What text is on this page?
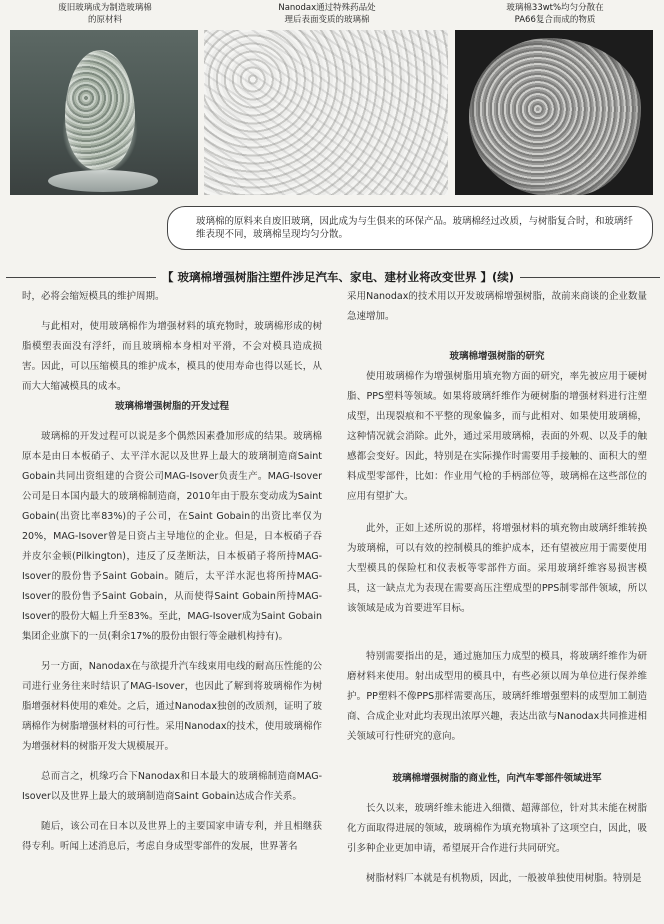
废旧玻璃成为制造玻璃棉
的原材料
Nanodax通过特殊药品处
理后表面变质的玻璃棉
玻璃棉33wt%均匀分散在
PA66复合而成的物质
玻璃棉的原料来自废旧玻璃，因此成为与生俱来的环保产品。玻璃棉经过改质，与树脂复合时，和玻璃纤维表现不同，玻璃棉呈现均匀分散。
【 玻璃棉增强树脂注塑件涉足汽车、家电、建材业将改变世界 】(续)

时，必将会缩短模具的维护周期。

与此相对，使用玻璃棉作为增强材料的填充物时，玻璃棉形成的树脂模塑表面没有浮纤，而且玻璃棉本身相对平滑，不会对模具造成损害。因此，可以压缩模具的维护成本，模具的使用寿命也得以延长，从而大大缩减模具的成本。

玻璃棉增强树脂的开发过程

玻璃棉的开发过程可以说是多个偶然因素叠加形成的结果。玻璃棉原本是由日本板硝子、太平洋水泥以及世界上最大的玻璃制造商Saint Gobain共同出资组建的合资公司MAG-Isover负责生产。MAG-Isover公司是日本国内最大的玻璃棉制造商，2010年由于股东变动成为Saint Gobain(出资比率83%)的子公司，在Saint Gobain的出资比率仅为20%，MAG-Isover曾是日资占主导地位的企业。但是，日本板硝子吞并皮尔金顿(Pilkington)，违反了反垄断法，日本板硝子将所持MAG-Isover的股份售予Saint Gobain。随后，太平洋水泥也将所持MAG-Isover的股份售予Saint Gobain，从而使得Saint Gobain所持MAG-Isover的股份大幅上升至83%。至此，MAG-Isover成为Saint Gobain集团企业旗下的一员(剩余17%的股份由银行等金融机构持有)。

另一方面，Nanodax在与欲提升汽车线束用电线的耐高压性能的公司进行业务往来时结识了MAG-Isover，也因此了解到将玻璃棉作为树脂增强材料使用的难处。之后，通过Nanodax独创的改质剂，证明了玻璃棉作为树脂增强材料的可行性。采用Nanodax的技术，使用玻璃棉作为增强材料的树脂开发大规模展开。

总而言之，机缘巧合下Nanodax和日本最大的玻璃棉制造商MAG-Isover以及世界上最大的玻璃制造商Saint Gobain达成合作关系。

随后，该公司在日本以及世界上的主要国家申请专利，并且相继获得专利。听闻上述消息后，考虑自身成型零部件的发展，世界著名

采用Nanodax的技术用以开发玻璃棉增强树脂，故前来商谈的企业数量急速增加。

玻璃棉增强树脂的研究

使用玻璃棉作为增强树脂用填充物方面的研究，率先被应用于硬树脂、PPS塑料等领域。如果将玻璃纤维作为硬树脂的增强材料进行注塑成型，出现裂痕和不平整的现象偏多，而与此相对、如果使用玻璃棉，这种情况就会消除。此外，通过采用玻璃棉，表面的外观、以及手的触感都会变好。因此，特别是在实际操作时需要用手接触的、面积大的塑料成型零部件，比如：作业用气枪的手柄部位等，玻璃棉在这些部位的应用有望扩大。

此外，正如上述所说的那样，将增强材料的填充物由玻璃纤维转换为玻璃棉，可以有效的控制模具的维护成本，还有望被应用于需要使用大型模具的保险杠和仪表板等零部件方面。采用玻璃纤维容易损害模具，这一缺点尤为表现在需要高压注塑成型的PPS制零部件领域，所以该领域是成为首要进军目标。

特别需要指出的是，通过施加压力成型的模具，将玻璃纤维作为研磨材料来使用。射出成型用的模具中，有些必须以周为单位进行保养维护。PP塑料不像PPS那样需要高压，玻璃纤维增强塑料的成型加工制造商、合成企业对此均表现出浓厚兴趣，表达出欲与Nanodax共同推进相关领域可行性研究的意向。

玻璃棉增强树脂的商业性，向汽车零部件领域进军

长久以来，玻璃纤维未能进入细微、超薄部位，针对其未能在树脂化方面取得进展的领域，玻璃棉作为填充物填补了这项空白，因此，吸引多种企业更加申请，希望展开合作进行共同研究。

树脂材料厂本就是有机物质，因此，一般被单独使用树脂。特别是
